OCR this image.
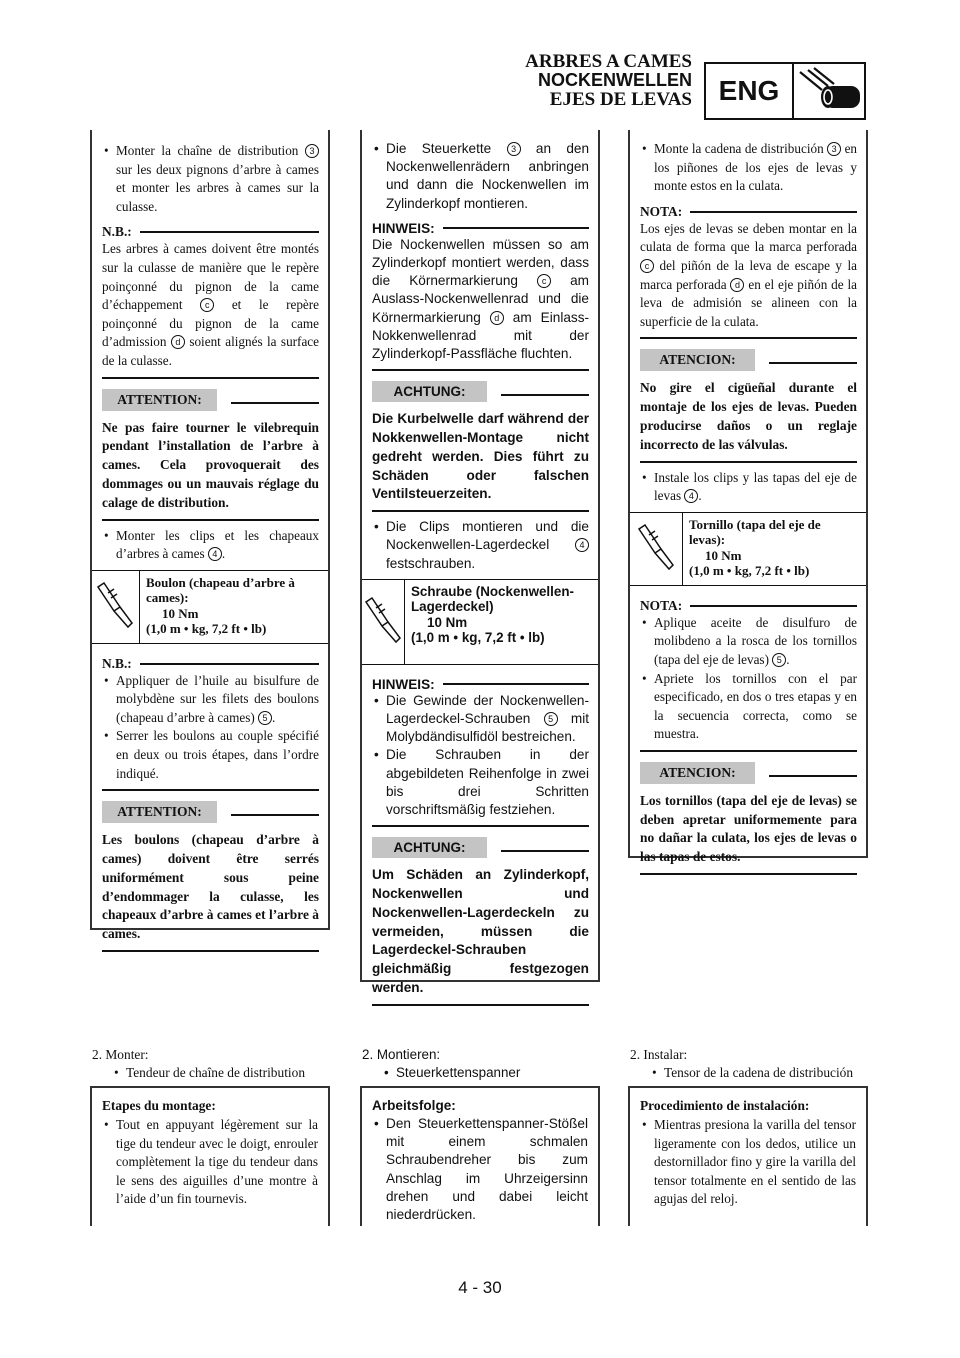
ARBRES A CAMES
NOCKENWELLEN
EJES DE LEVAS ENG

• Monter la chaîne de distribution 3 sur les deux pignons d’arbre à cames et monter les arbres à cames sur la culasse.

N.B.:

Les arbres à cames doivent être montés sur la culasse de manière que le repère poinçonné du pignon de la came d’échappement c et le repère poinçonné du pignon de la came d’admission d soient alignés la surface de la culasse.

ATTENTION:
Ne pas faire tourner le vilebrequin pendant l’installation de l’arbre à cames. Cela provoquerait des dommages ou un mauvais réglage du calage de distribution.

• Monter les clips et les chapeaux d’arbres à cames 4 .

Boulon (chapeau d’arbre à cames):
10 Nm
(1,0 m • kg, 7,2 ft • lb)
N.B.:

• Appliquer de l’huile au bisulfure de molybdène sur les filets des boulons (chapeau d’arbre à cames) 5 .

• Serrer les boulons au couple spécifié en deux ou trois étapes, dans l’ordre indiqué.

ATTENTION:
Les boulons (chapeau d’arbre à cames) doivent être serrés uniformément sous peine d’endommager la culasse, les chapeaux d’arbre à cames et l’arbre à cames.

• Die Steuerkette 3 an den Nockenwellenrädern anbringen und dann die Nockenwellen im Zylinderkopf montieren.

HINWEIS:

Die Nockenwellen müssen so am Zylinderkopf montiert werden, dass die Körnermarkierung	c am Auslass-Nockenwellenrad und die Körnermarkierung d am Einlass-Nokkenwellenrad mit der Zylinderkopf-Passfläche fluchten.

ACHTUNG:
Die Kurbelwelle darf während der Nokkenwellen-Montage nicht gedreht werden. Dies führt zu Schäden oder falschen Ventilsteuerzeiten.

• Die Clips montieren und die Nockenwellen-Lagerdeckel	4 festschrauben.

Schraube (Nockenwellen-Lagerdeckel)
10 Nm
(1,0 m • kg, 7,2 ft • lb)
HINWEIS:

• Die Gewinde der Nockenwellen-Lagerdeckel-Schrauben 5 mit Molybdändisulfidöl bestreichen.

• Die Schrauben in der abgebildeten Reihenfolge in zwei bis drei Schritten vorschriftsmäßig festziehen.

ACHTUNG:
Um Schäden an Zylinderkopf, Nockenwellen und Nockenwellen-Lagerdeckeln zu vermeiden, müssen die Lagerdeckel-Schrauben gleichmäßig festgezogen werden.

• Monte la cadena de distribución 3 en los piñones de los ejes de levas y monte estos en la culata.

NOTA:

Los ejes de levas se deben montar en la culata de forma que la marca perforada c del piñón de la leva de escape y la marca perforada d en el eje piñón de la leva de admisión se alineen con la superficie de la culata.

ATENCION:
No gire el cigüeñal durante el montaje de los ejes de levas. Pueden producirse daños o un reglaje incorrecto de las válvulas.

• Instale los clips y las tapas del eje de levas 4 .

Tornillo (tapa del eje de levas):
10 Nm
(1,0 m • kg, 7,2 ft • lb)
NOTA:

• Aplique aceite de disulfuro de molibdeno a la rosca de los tornillos (tapa del eje de levas) 5 .

• Apriete los tornillos con el par especificado, en dos o tres etapas y en la secuencia correcta, como se muestra.

ATENCION:
Los tornillos (tapa del eje de levas) se deben apretar uniformemente para no dañar la culata, los ejes de levas o las tapas de estos.
2. Monter:
• Tendeur de chaîne de distribution
2. Montieren:
• Steuerkettenspanner
2. Instalar:
• Tensor de la cadena de distribución
Etapes du montage:

• Tout en appuyant légèrement sur la tige du tendeur avec le doigt, enrouler complètement la tige du tendeur dans le sens des aiguilles d’une montre à l’aide d’un fin tournevis.

Arbeitsfolge:

• Den Steuerkettenspanner-Stößel mit einem schmalen Schraubendreher bis zum Anschlag im Uhrzeigersinn drehen und dabei leicht niederdrücken.

Procedimiento de instalación:

• Mientras presiona la varilla del tensor ligeramente con los dedos, utilice un destornillador fino y gire la varilla del tensor totalmente en el sentido de las agujas del reloj.

4 - 30
